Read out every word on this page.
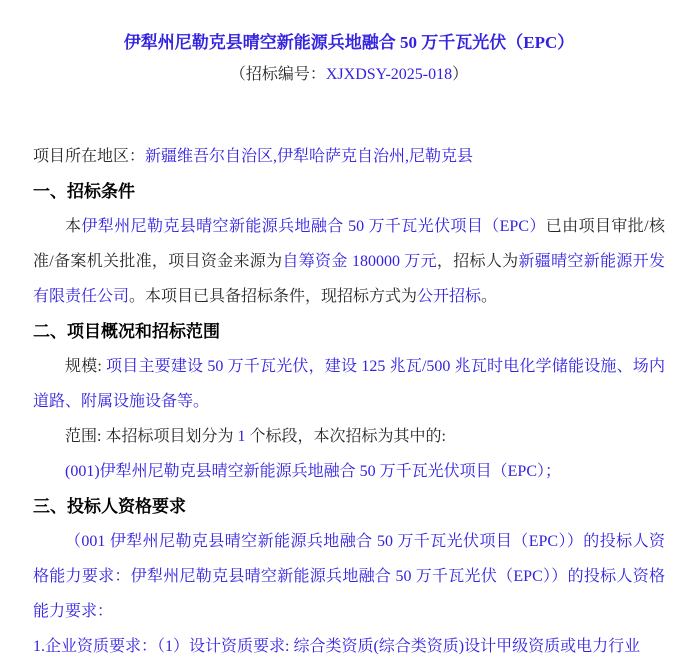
伊犁州尼勒克县晴空新能源兵地融合 50 万千瓦光伏（EPC）

（招标编号：XJXDSY-2025-018）

项目所在地区：新疆维吾尔自治区,伊犁哈萨克自治州,尼勒克县

一、招标条件

本伊犁州尼勒克县晴空新能源兵地融合 50 万千瓦光伏项目（EPC）已由项目审批/核准/备案机关批准，项目资金来源为自筹资金 180000 万元，招标人为新疆晴空新能源开发有限责任公司。本项目已具备招标条件，现招标方式为公开招标。

二、项目概况和招标范围

规模: 项目主要建设 50 万千瓦光伏，建设 125 兆瓦/500 兆瓦时电化学储能设施、场内道路、附属设施设备等。

范围: 本招标项目划分为 1 个标段，本次招标为其中的:

(001)伊犁州尼勒克县晴空新能源兵地融合 50 万千瓦光伏项目（EPC）；

三、投标人资格要求

（001 伊犁州尼勒克县晴空新能源兵地融合 50 万千瓦光伏项目（EPC））的投标人资格能力要求：伊犁州尼勒克县晴空新能源兵地融合 50 万千瓦光伏（EPC））的投标人资格能力要求：

1.企业资质要求：（1）设计资质要求: 综合类资质(综合类资质)设计甲级资质或电力行业
